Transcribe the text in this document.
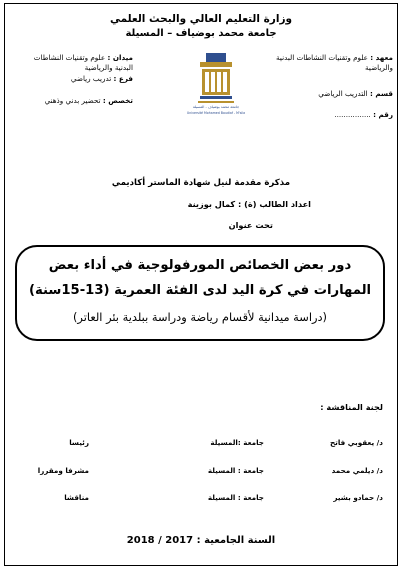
وزارة التعليم العالي والبحث العلمي
جامعة محمد بوضياف – المسيلة
معهد : علوم وتقنيات النشاطات البدنية والرياضية
قسم : التدريب الرياضي
رقم : ................
ميدان : علوم وتقنيات النشاطات البدنية والرياضية
فرع : تدريب رياضي
تخصص : تحضير بدني وذهني
جامعة محمد بوضياف - المسيلة
Université Mohamed Boudiaf - M'sila
مذكرة مقدمة لنيل شهادة الماستر أكاديمي
اعداد الطالب (ة) : كمال بوزينة
تحت عنوان
دور بعض الخصائص المورفولوجية في أداء بعض
المهارات في كرة اليد لدى الفئة العمرية (13-15سنة)
(دراسة ميدانية لأقسام رياضة ودراسة ببلدية بئر العاتر)
لجنة المناقشة :
د/ يعقوبي فاتح
جامعة :المسيلة
رئيسا
د/ ديلمي محمد
جامعة : المسيلة
مشرفا ومقررا
د/ حمادو بشير
جامعة : المسيلة
مناقشا
السنة الجامعية : 2017 / 2018
